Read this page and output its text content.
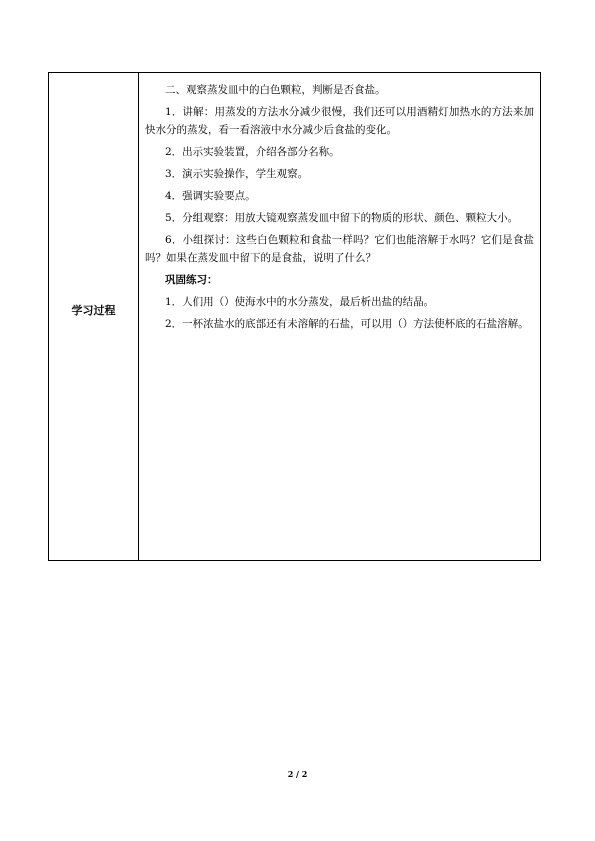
$^{学习过程}$	

二、观察蒸发皿中的白色颗粒，判断是否食盐。

1．讲解：用蒸发的方法水分减少很慢，我们还可以用酒精灯加热水的方法来加快水分的蒸发，看一看溶液中水分减少后食盐的变化。

2．出示实验装置，介绍各部分名称。

3．演示实验操作，学生观察。

4．强调实验要点。

5．分组观察：用放大镜观察蒸发皿中留下的物质的形状、颜色、颗粒大小。

6．小组探讨：这些白色颗粒和食盐一样吗？它们也能溶解于水吗？它们是食盐吗？如果在蒸发皿中留下的是食盐，说明了什么？

巩固练习：

1．人们用（）使海水中的水分蒸发，最后析出盐的结晶。

2．一杯浓盐水的底部还有未溶解的石盐，可以用（）方法使杯底的石盐溶解。

2 / 2
